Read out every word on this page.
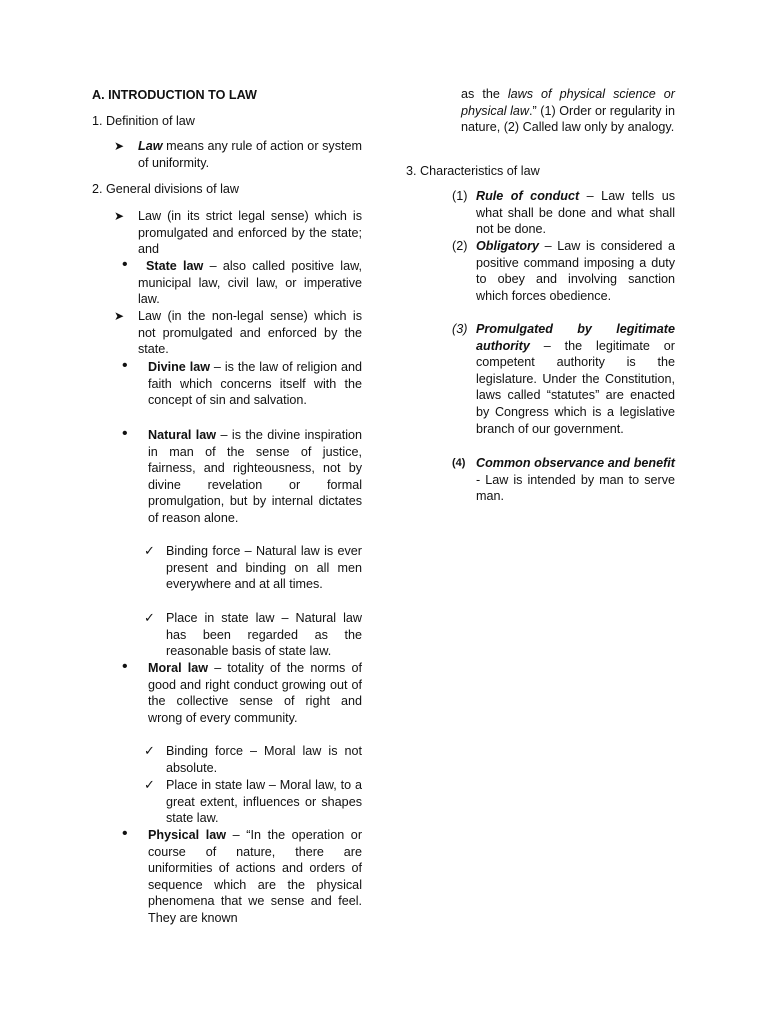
A. INTRODUCTION TO LAW
1. Definition of law
➤	Law means any rule of action or system of uniformity.
2. General divisions of law
➤	Law (in its strict legal sense) which is promulgated and enforced by the state; and
•	State law – also called positive law, municipal law, civil law, or imperative law.
➤	Law (in the non-legal sense) which is not promulgated and enforced by the state.
•	Divine law – is the law of religion and faith which concerns itself with the concept of sin and salvation.
•	Natural law – is the divine inspiration in man of the sense of justice, fairness, and righteousness, not by divine revelation or formal promulgation, but by internal dictates of reason alone.
✓ Binding force – Natural law is ever present and binding on all men everywhere and at all times.
✓ Place in state law – Natural law has been regarded as the reasonable basis of state law.
•	Moral law – totality of the norms of good and right conduct growing out of the collective sense of right and wrong of every community.
✓ Binding force – Moral law is not absolute.
✓ Place in state law – Moral law, to a great extent, influences or shapes state law.
•	Physical law – “In the operation or course of nature, there are uniformities of actions and orders of sequence which are the physical phenomena that we sense and feel. They are known
as the laws of physical science or physical law.” (1) Order or regularity in nature, (2) Called law only by analogy.
3. Characteristics of law
(1) Rule of conduct – Law tells us what shall be done and what shall not be done.
(2) Obligatory – Law is considered a positive command imposing a duty to obey and involving sanction which forces obedience.
(3) Promulgated by legitimate authority – the legitimate or competent authority is the legislature. Under the Constitution, laws called “statutes” are enacted by Congress which is a legislative branch of our government.
(4) Common observance and benefit - Law is intended by man to serve man.
